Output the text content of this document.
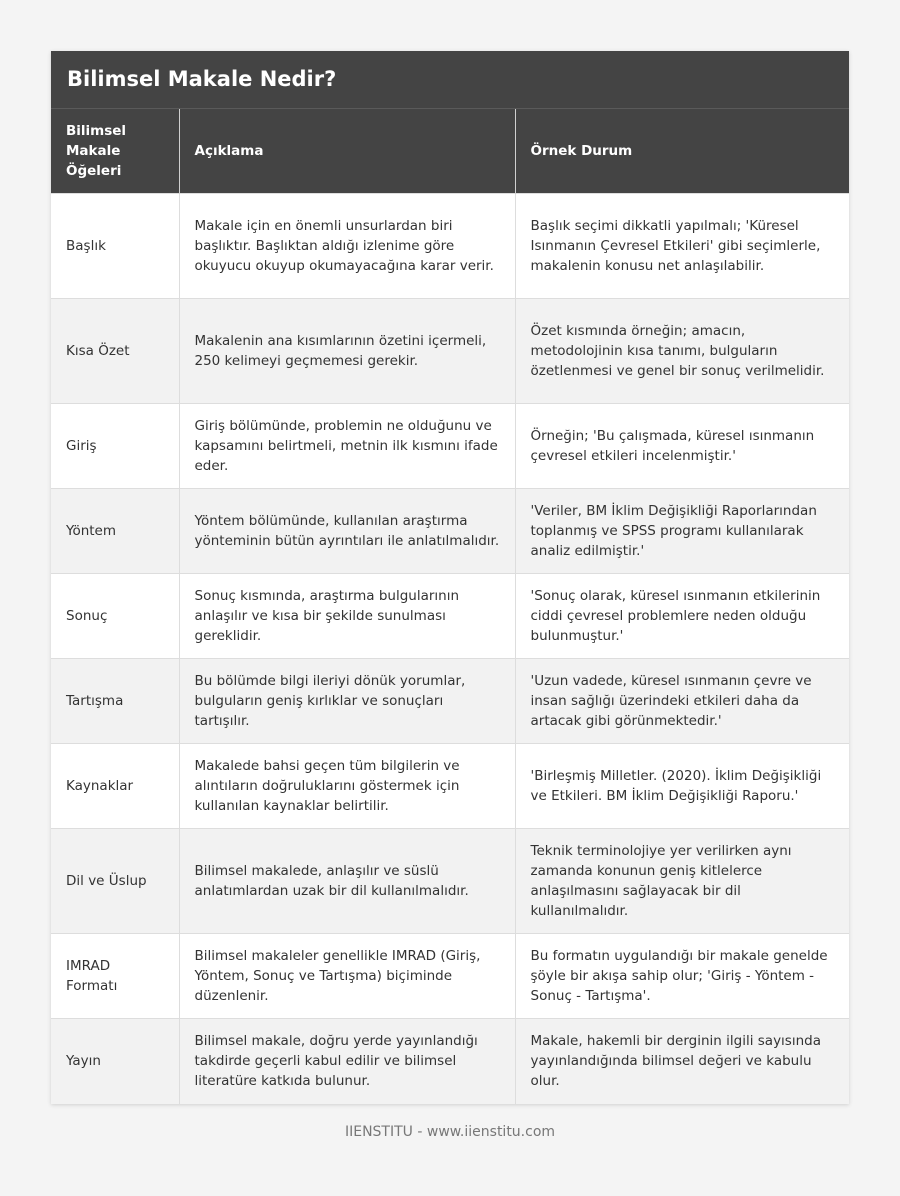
Bilimsel Makale Nedir?
Bilimsel Makale Öğeleri	Açıklama	Örnek Durum
Başlık	Makale için en önemli unsurlardan biri başlıktır. Başlıktan aldığı izlenime göre okuyucu okuyup okumayacağına karar verir.	Başlık seçimi dikkatli yapılmalı; 'Küresel Isınmanın Çevresel Etkileri' gibi seçimlerle, makalenin konusu net anlaşılabilir.
Kısa Özet	Makalenin ana kısımlarının özetini içermeli, 250 kelimeyi geçmemesi gerekir.	Özet kısmında örneğin; amacın, metodolojinin kısa tanımı, bulguların özetlenmesi ve genel bir sonuç verilmelidir.
Giriş	Giriş bölümünde, problemin ne olduğunu ve kapsamını belirtmeli, metnin ilk kısmını ifade eder.	Örneğin; 'Bu çalışmada, küresel ısınmanın çevresel etkileri incelenmiştir.'
Yöntem	Yöntem bölümünde, kullanılan araştırma yönteminin bütün ayrıntıları ile anlatılmalıdır.	'Veriler, BM İklim Değişikliği Raporlarından toplanmış ve SPSS programı kullanılarak analiz edilmiştir.'
Sonuç	Sonuç kısmında, araştırma bulgularının anlaşılır ve kısa bir şekilde sunulması gereklidir.	'Sonuç olarak, küresel ısınmanın etkilerinin ciddi çevresel problemlere neden olduğu bulunmuştur.'
Tartışma	Bu bölümde bilgi ileriyi dönük yorumlar, bulguların geniş kırlıklar ve sonuçları tartışılır.	'Uzun vadede, küresel ısınmanın çevre ve insan sağlığı üzerindeki etkileri daha da artacak gibi görünmektedir.'
Kaynaklar	Makalede bahsi geçen tüm bilgilerin ve alıntıların doğruluklarını göstermek için kullanılan kaynaklar belirtilir.	'Birleşmiş Milletler. (2020). İklim Değişikliği ve Etkileri. BM İklim Değişikliği Raporu.'
Dil ve Üslup	Bilimsel makalede, anlaşılır ve süslü anlatımlardan uzak bir dil kullanılmalıdır.	Teknik terminolojiye yer verilirken aynı zamanda konunun geniş kitlelerce anlaşılmasını sağlayacak bir dil kullanılmalıdır.
IMRAD Formatı	Bilimsel makaleler genellikle IMRAD (Giriş, Yöntem, Sonuç ve Tartışma) biçiminde düzenlenir.	Bu formatın uygulandığı bir makale genelde şöyle bir akışa sahip olur; 'Giriş - Yöntem - Sonuç - Tartışma'.
Yayın	Bilimsel makale, doğru yerde yayınlandığı takdirde geçerli kabul edilir ve bilimsel literatüre katkıda bulunur.	Makale, hakemli bir derginin ilgili sayısında yayınlandığında bilimsel değeri ve kabulu olur.
IIENSTITU - www.iienstitu.com
